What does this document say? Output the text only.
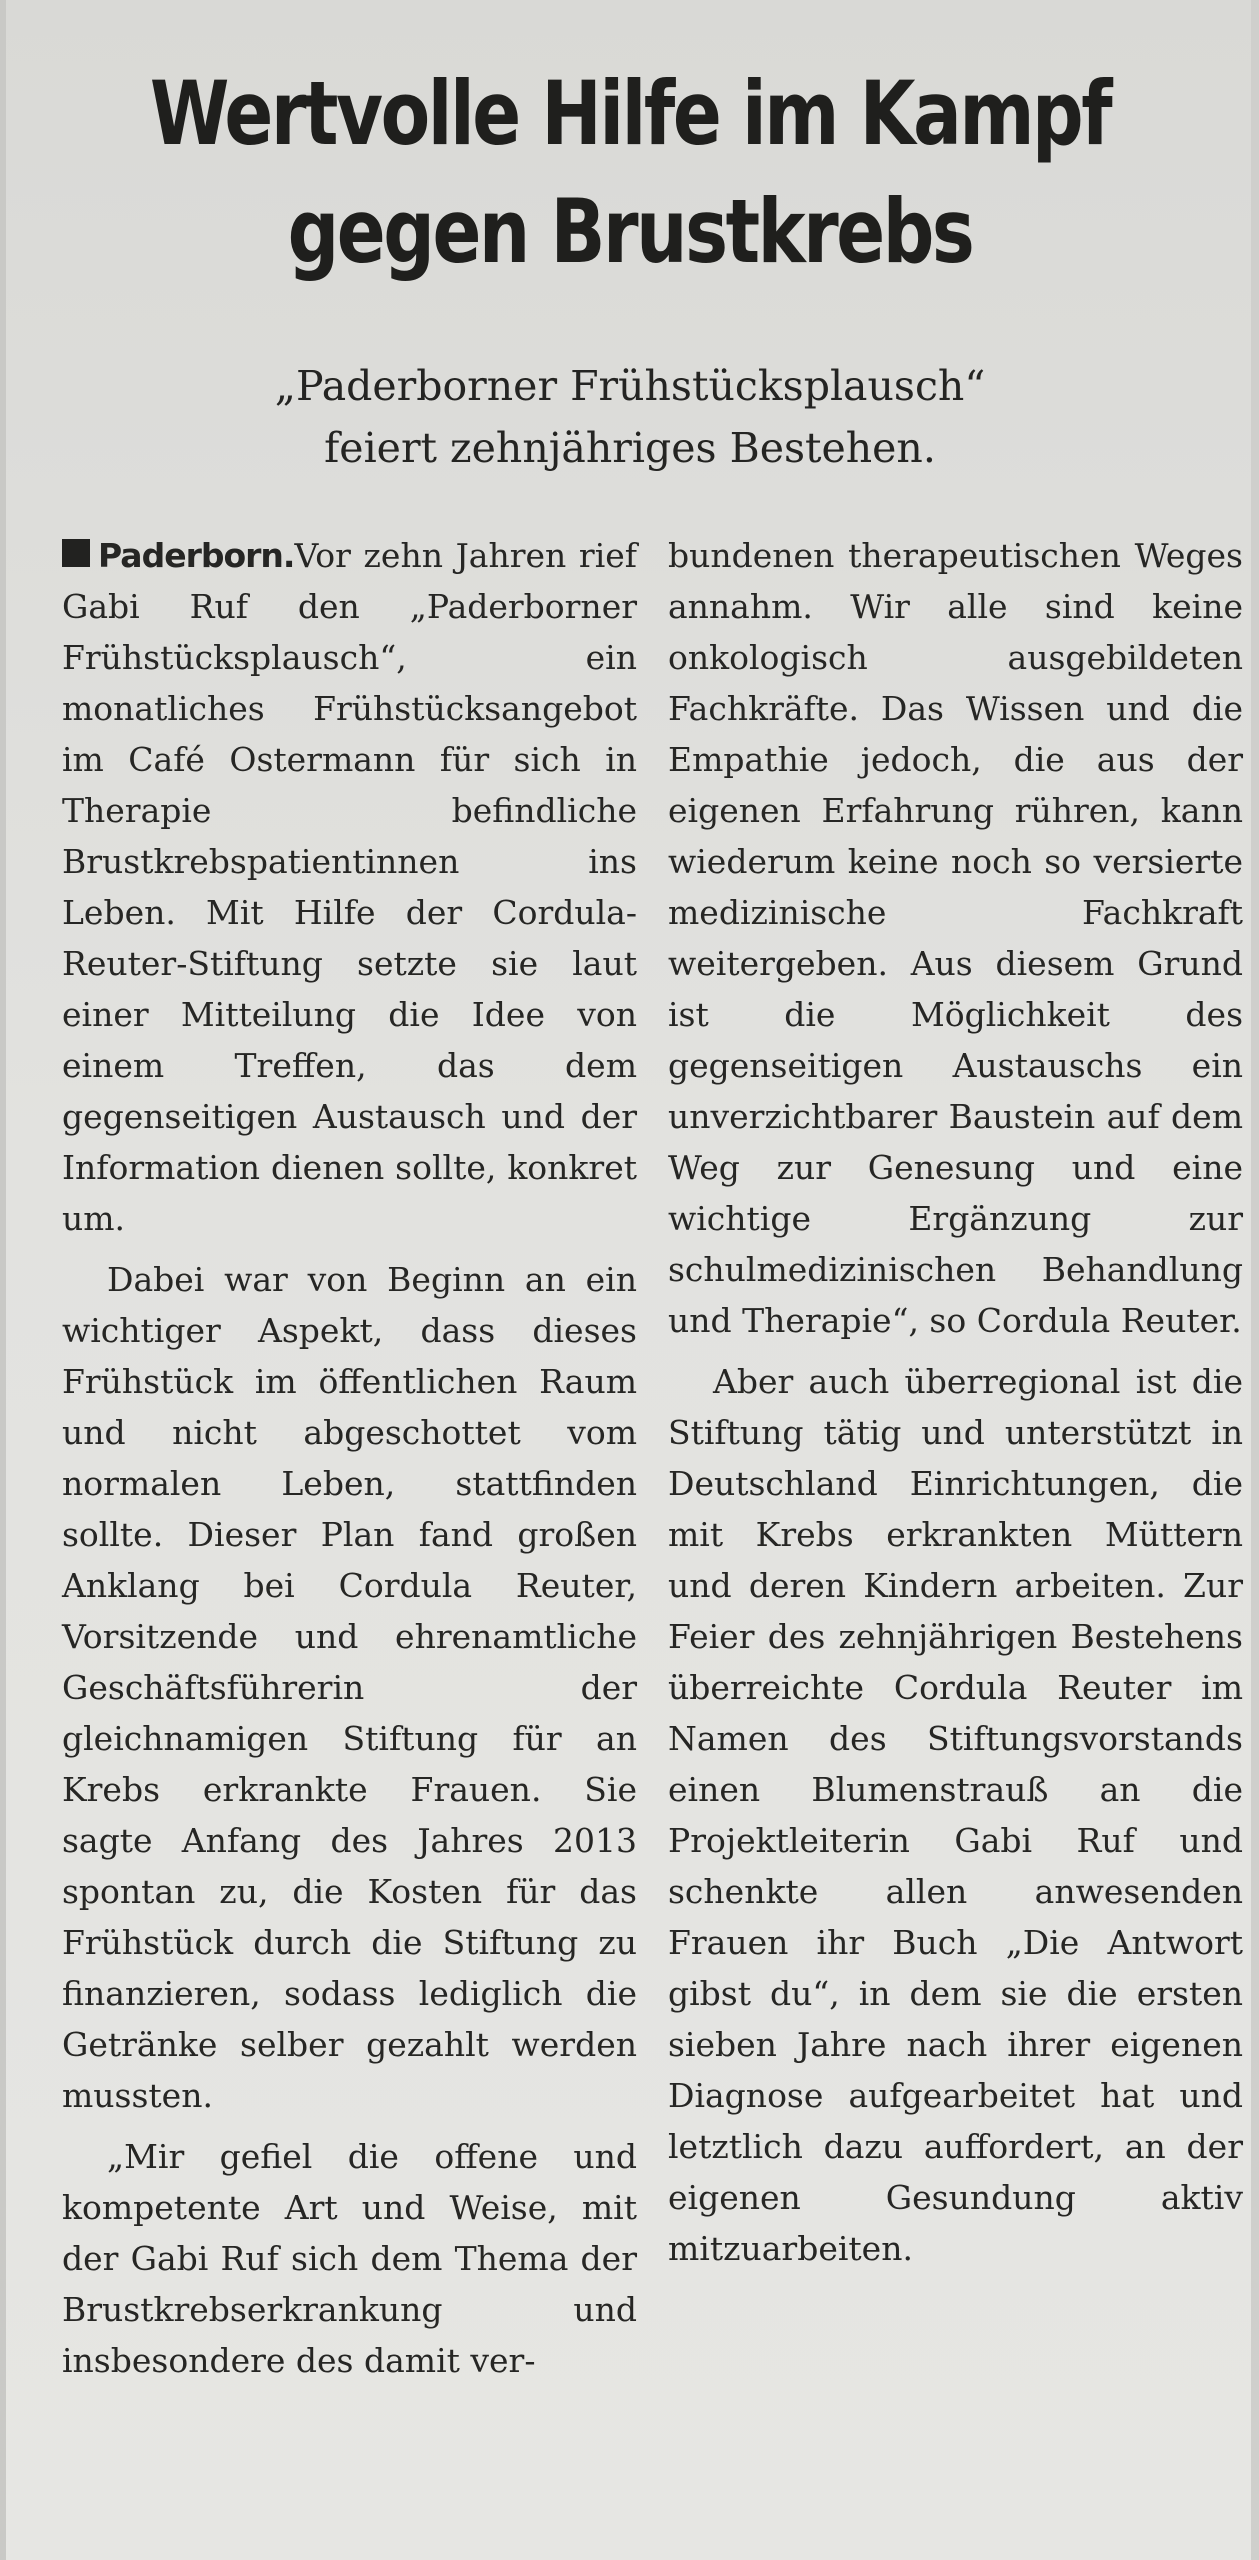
Wertvolle Hilfe im Kampf
gegen Brustkrebs
„Paderborner Frühstücksplausch“
feiert zehnjähriges Bestehen.

Paderborn.Vor zehn Jahren rief Gabi Ruf den „Paderborner Frühstücksplausch“, ein monatliches Frühstücksangebot im Café Ostermann für sich in Therapie befindliche Brustkrebspatientinnen ins Leben. Mit Hilfe der Cordula-Reuter-Stiftung setzte sie laut einer Mitteilung die Idee von einem Treffen, das dem gegenseitigen Austausch und der Information dienen sollte, konkret um.

Dabei war von Beginn an ein wichtiger Aspekt, dass dieses Frühstück im öffentlichen Raum und nicht abgeschottet vom normalen Leben, stattfinden sollte. Dieser Plan fand großen Anklang bei Cordula Reuter, Vorsitzende und ehrenamtliche Geschäftsführerin der gleichnamigen Stiftung für an Krebs erkrankte Frauen. Sie sagte Anfang des Jahres 2013 spontan zu, die Kosten für das Frühstück durch die Stiftung zu finanzieren, sodass lediglich die Getränke selber gezahlt werden mussten.

„Mir gefiel die offene und kompetente Art und Weise, mit der Gabi Ruf sich dem Thema der Brustkrebserkrankung und insbesondere des damit ver-

bundenen therapeutischen Weges annahm. Wir alle sind keine onkologisch ausgebildeten Fachkräfte. Das Wissen und die Empathie jedoch, die aus der eigenen Erfahrung rühren, kann wiederum keine noch so versierte medizinische Fachkraft weitergeben. Aus diesem Grund ist die Möglichkeit des gegenseitigen Austauschs ein unverzichtbarer Baustein auf dem Weg zur Genesung und eine wichtige Ergänzung zur schulmedizinischen Behandlung und Therapie“, so Cordula Reuter.

Aber auch überregional ist die Stiftung tätig und unterstützt in Deutschland Einrichtungen, die mit Krebs erkrankten Müttern und deren Kindern arbeiten. Zur Feier des zehnjährigen Bestehens überreichte Cordula Reuter im Namen des Stiftungsvorstands einen Blumenstrauß an die Projektleiterin Gabi Ruf und schenkte allen anwesenden Frauen ihr Buch „Die Antwort gibst du“, in dem sie die ersten sieben Jahre nach ihrer eigenen Diagnose aufgearbeitet hat und letztlich dazu auffordert, an der eigenen Gesundung aktiv mitzuarbeiten.
